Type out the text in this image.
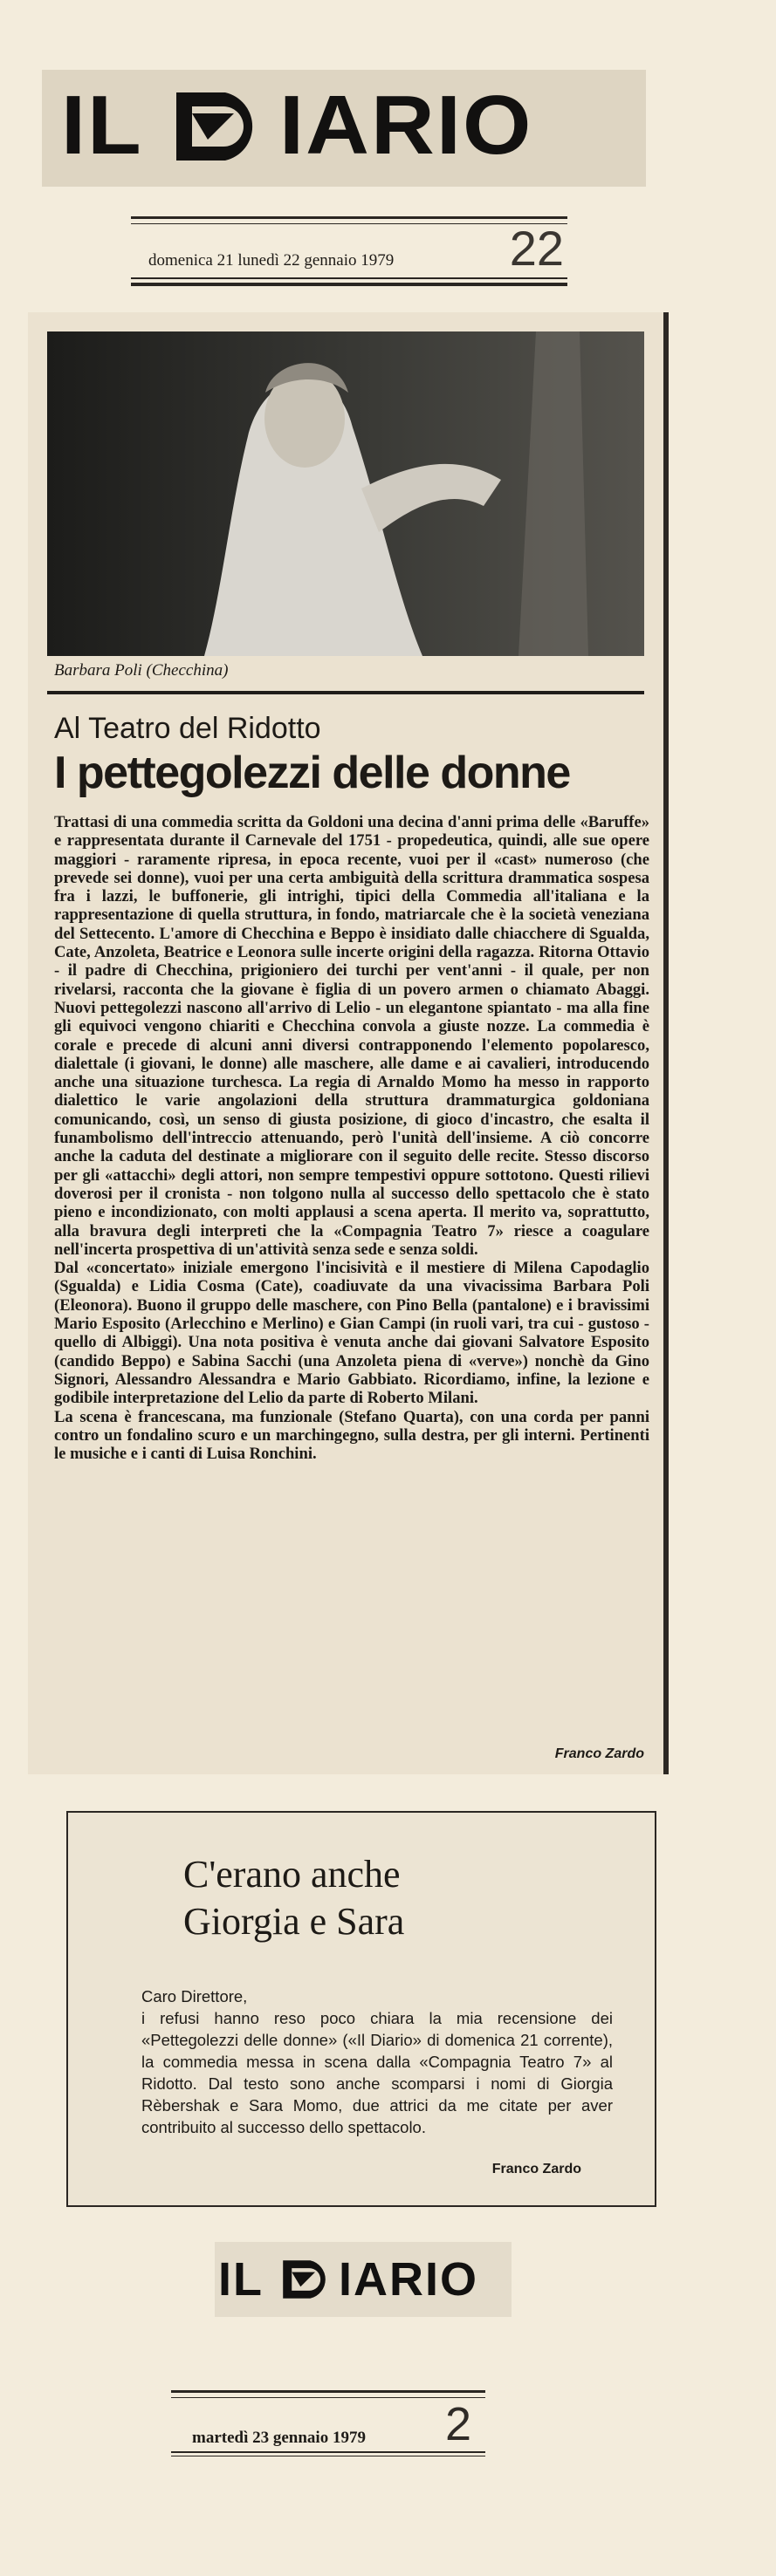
IL IARIO
domenica 21 lunedì 22 gennaio 1979 22
Barbara Poli (Checchina)
Al Teatro del Ridotto
I pettegolezzi delle donne

Trattasi di una commedia scritta da Goldoni una decina d'anni prima delle «Baruffe» e rappresentata durante il Carnevale del 1751 - propedeutica, quindi, alle sue opere maggiori - raramente ripresa, in epoca recente, vuoi per il «cast» numeroso (che prevede sei donne), vuoi per una certa ambiguità della scrittura drammatica sospesa fra i lazzi, le buffonerie, gli intrighi, tipici della Commedia all'italiana e la rappresentazione di quella struttura, in fondo, matriarcale che è la società veneziana del Settecento. L'amore di Checchina e Beppo è insidiato dalle chiacchere di Sgualda, Cate, Anzoleta, Beatrice e Leonora sulle incerte origini della ragazza. Ritorna Ottavio - il padre di Checchina, prigioniero dei turchi per vent'anni - il quale, per non rivelarsi, racconta che la giovane è figlia di un povero armen o chiamato Abaggi. Nuovi pettegolezzi nascono all'arrivo di Lelio - un elegantone spiantato - ma alla fine gli equivoci vengono chiariti e Checchina convola a giuste nozze. La commedia è corale e precede di alcuni anni diversi contrapponendo l'elemento popolaresco, dialettale (i giovani, le donne) alle maschere, alle dame e ai cavalieri, introducendo anche una situazione turchesca. La regia di Arnaldo Momo ha messo in rapporto dialettico le varie angolazioni della struttura drammaturgica goldoniana comunicando, così, un senso di giusta posizione, di gioco d'incastro, che esalta il funambolismo dell'intreccio attenuando, però l'unità dell'insieme. A ciò concorre anche la caduta del destinate a migliorare con il seguito delle recite. Stesso discorso per gli «attacchi» degli attori, non sempre tempestivi oppure sottotono. Questi rilievi doverosi per il cronista - non tolgono nulla al successo dello spettacolo che è stato pieno e incondizionato, con molti applausi a scena aperta. Il merito va, soprattutto, alla bravura degli interpreti che la «Compagnia Teatro 7» riesce a coagulare nell'incerta prospettiva di un'attività senza sede e senza soldi.

Dal «concertato» iniziale emergono l'incisività e il mestiere di Milena Capodaglio (Sgualda) e Lidia Cosma (Cate), coadiuvate da una vivacissima Barbara Poli (Eleonora). Buono il gruppo delle maschere, con Pino Bella (pantalone) e i bravissimi Mario Esposito (Arlecchino e Merlino) e Gian Campi (in ruoli vari, tra cui - gustoso - quello di Albiggi). Una nota positiva è venuta anche dai giovani Salvatore Esposito (candido Beppo) e Sabina Sacchi (una Anzoleta piena di «verve») nonchè da Gino Signori, Alessandro Alessandra e Mario Gabbiato. Ricordiamo, infine, la lezione e godibile interpretazione del Lelio da parte di Roberto Milani.

La scena è francescana, ma funzionale (Stefano Quarta), con una corda per panni contro un fondalino scuro e un marchingegno, sulla destra, per gli interni. Pertinenti le musiche e i canti di Luisa Ronchini.

Franco Zardo
C'erano anche
Giorgia e Sara

Caro Direttore,

i refusi hanno reso poco chiara la mia recensione dei «Pettegolezzi delle donne» («Il Diario» di domenica 21 corrente), la commedia messa in scena dalla «Compagnia Teatro 7» al Ridotto. Dal testo sono anche scomparsi i nomi di Giorgia Rèbershak e Sara Momo, due attrici da me citate per aver contribuito al successo dello spettacolo.

Franco Zardo
IL IARIO
martedì 23 gennaio 1979 2
